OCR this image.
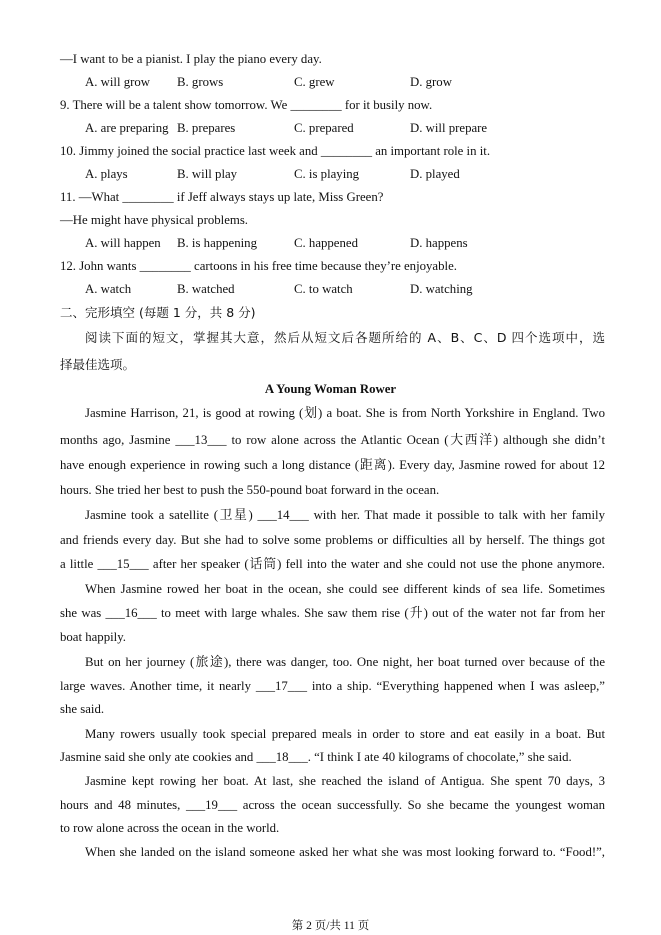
—I want to be a pianist. I play the piano every day.
A. will grow B. grows	C. grew	D. grow
9. There will be a talent show tomorrow. We ________ for it busily now.
A. are preparing B. prepares	C. prepared	D. will prepare
10. Jimmy joined the social practice last week and ________ an important role in it.
A. plays	B. will play	C. is playing	D. played
11. —What ________ if Jeff always stays up late, Miss Green?
—He might have physical problems.
A. will happen B. is happening	C. happened	D. happens
12. John wants ________ cartoons in his free time because they’re enjoyable.
A. watch	B. watched	C. to watch	D. watching
二、完形填空 (每题 1 分，共 8 分)
阅读下面的短文，掌握其大意，然后从短文后各题所给的 A、B、C、D 四个选项中，选
择最佳选项。
A Young Woman Rower
Jasmine Harrison, 21, is good at rowing (划) a boat. She is from North Yorkshire in England. Two
months ago, Jasmine ___13___ to row alone across the Atlantic Ocean (大西洋) although she didn’t
have enough experience in rowing such a long distance (距离). Every day, Jasmine rowed for about 12
hours. She tried her best to push the 550-pound boat forward in the ocean.
Jasmine took a satellite (卫星) ___14___ with her. That made it possible to talk with her family
and friends every day. But she had to solve some problems or difficulties all by herself. The things got
a little ___15___ after her speaker (话筒) fell into the water and she could not use the phone anymore.
When Jasmine rowed her boat in the ocean, she could see different kinds of sea life. Sometimes
she was ___16___ to meet with large whales. She saw them rise (升) out of the water not far from her
boat happily.
But on her journey (旅途), there was danger, too. One night, her boat turned over because of the
large waves. Another time, it nearly ___17___ into a ship. “Everything happened when I was asleep,”
she said.
Many rowers usually took special prepared meals in order to store and eat easily in a boat. But
Jasmine said she only ate cookies and ___18___. “I think I ate 40 kilograms of chocolate,” she said.
Jasmine kept rowing her boat. At last, she reached the island of Antigua. She spent 70 days, 3
hours and 48 minutes, ___19___ across the ocean successfully. So she became the youngest woman
to row alone across the ocean in the world.
When she landed on the island someone asked her what she was most looking forward to. “Food!”,
第 2 页/共 11 页
